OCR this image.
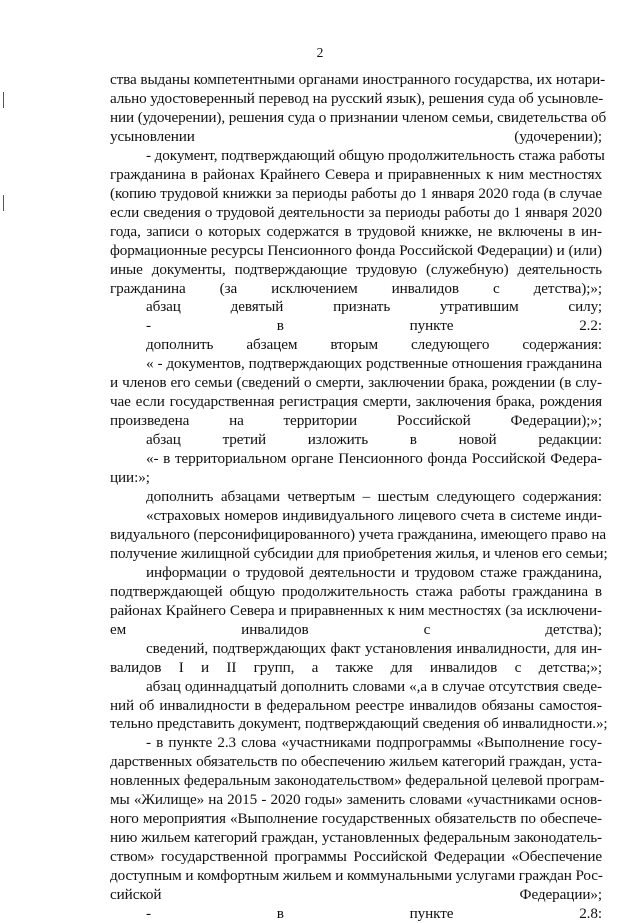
2
ства выданы компетентными органами иностранного государства, их нотари-
ально удостоверенный перевод на русский язык), решения суда об усыновле-
нии (удочерении), решения суда о признании членом семьи, свидетельства об
усыновлении (удочерении);
- документ, подтверждающий общую продолжительность стажа работы
гражданина в районах Крайнего Севера и приравненных к ним местностях
(копию трудовой книжки за периоды работы до 1 января 2020 года (в случае
если сведения о трудовой деятельности за периоды работы до 1 января 2020
года, записи о которых содержатся в трудовой книжке, не включены в ин-
формационные ресурсы Пенсионного фонда Российской Федерации) и (или)
иные документы, подтверждающие трудовую (служебную) деятельность
гражданина (за исключением инвалидов с детства);»;
абзац девятый признать утратившим силу;
- в пункте 2.2:
дополнить абзацем вторым следующего содержания:
« - документов, подтверждающих родственные отношения гражданина
и членов его семьи (сведений о смерти, заключении брака, рождении (в слу-
чае если государственная регистрация смерти, заключения брака, рождения
произведена на территории Российской Федерации);»;
абзац третий изложить в новой редакции:
«- в территориальном органе Пенсионного фонда Российской Федера-
ции:»;
дополнить абзацами четвертым – шестым следующего содержания:
«страховых номеров индивидуального лицевого счета в системе инди-
видуального (персонифицированного) учета гражданина, имеющего право на
получение жилищной субсидии для приобретения жилья, и членов его семьи;
информации о трудовой деятельности и трудовом стаже гражданина,
подтверждающей общую продолжительность стажа работы гражданина в
районах Крайнего Севера и приравненных к ним местностях (за исключени-
ем инвалидов с детства);
сведений, подтверждающих факт установления инвалидности, для ин-
валидов I и II групп, а также для инвалидов с детства;»;
абзац одиннадцатый дополнить словами «,а в случае отсутствия сведе-
ний об инвалидности в федеральном реестре инвалидов обязаны самостоя-
тельно представить документ, подтверждающий сведения об инвалидности.»;
- в пункте 2.3 слова «участниками подпрограммы «Выполнение госу-
дарственных обязательств по обеспечению жильем категорий граждан, уста-
новленных федеральным законодательством» федеральной целевой програм-
мы «Жилище» на 2015 - 2020 годы» заменить словами «участниками основ-
ного мероприятия «Выполнение государственных обязательств по обеспече-
нию жильем категорий граждан, установленных федеральным законодатель-
ством» государственной программы Российской Федерации «Обеспечение
доступным и комфортным жильем и коммунальными услугами граждан Рос-
сийской Федерации»;
- в пункте 2.8:
